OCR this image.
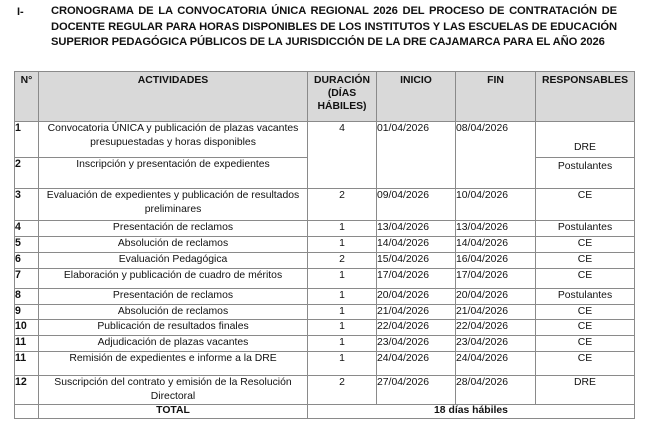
I- CRONOGRAMA DE LA CONVOCATORIA ÚNICA REGIONAL 2026 DEL PROCESO DE CONTRATACIÓN DE DOCENTE REGULAR PARA HORAS DISPONIBLES DE LOS INSTITUTOS Y LAS ESCUELAS DE EDUCACIÓN SUPERIOR PEDAGÓGICA PÚBLICOS DE LA JURISDICCIÓN DE LA DRE CAJAMARCA PARA EL AÑO 2026
N°	ACTIVIDADES	DURACIÓN (DÍAS HÁBILES)	INICIO	FIN	RESPONSABLES
1	Convocatoria ÚNICA y publicación de plazas vacantes presupuestadas y horas disponibles	4	01/04/2026	08/04/2026	DRE
2	Inscripción y presentación de expedientes				Postulantes
3	Evaluación de expedientes y publicación de resultados preliminares	2	09/04/2026	10/04/2026	CE
4	Presentación de reclamos	1	13/04/2026	13/04/2026	Postulantes
5	Absolución de reclamos	1	14/04/2026	14/04/2026	CE
6	Evaluación Pedagógica	2	15/04/2026	16/04/2026	CE
7	Elaboración y publicación de cuadro de méritos	1	17/04/2026	17/04/2026	CE
8	Presentación de reclamos	1	20/04/2026	20/04/2026	Postulantes
9	Absolución de reclamos	1	21/04/2026	21/04/2026	CE
10	Publicación de resultados finales	1	22/04/2026	22/04/2026	CE
11	Adjudicación de plazas vacantes	1	23/04/2026	23/04/2026	CE
11	Remisión de expedientes e informe a la DRE	1	24/04/2026	24/04/2026	CE
12	Suscripción del contrato y emisión de la Resolución Directoral	2	27/04/2026	28/04/2026	DRE
	TOTAL	18 días hábiles			
